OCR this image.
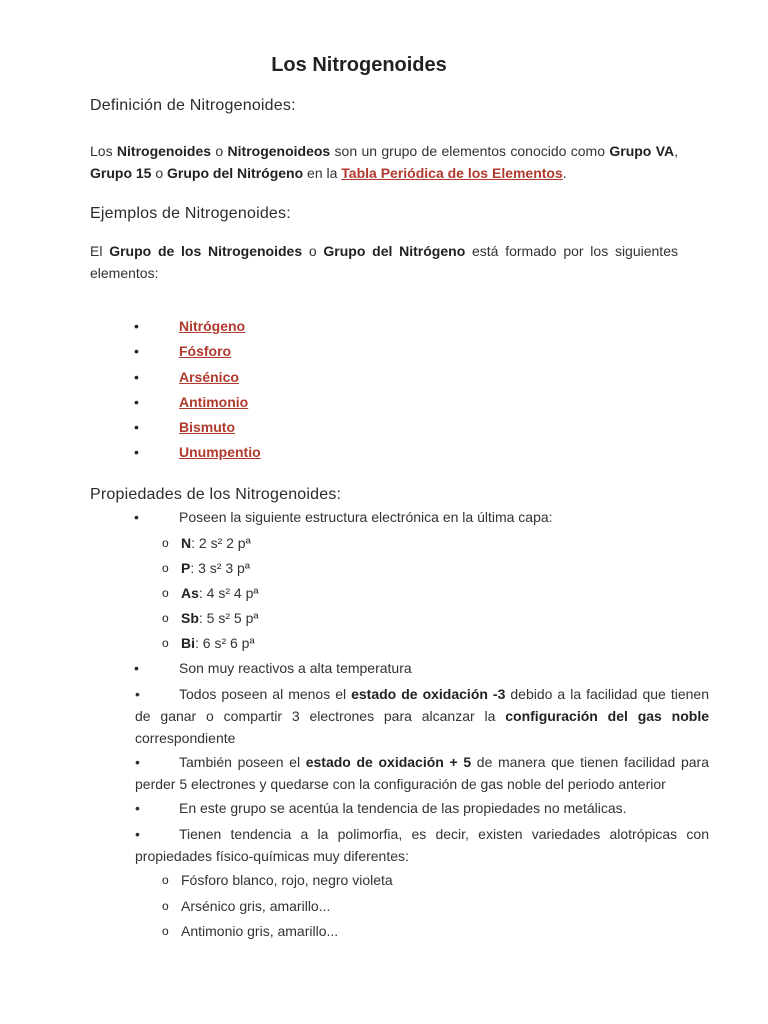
Los Nitrogenoides
Definición de Nitrogenoides:
Los Nitrogenoides o Nitrogenoideos son un grupo de elementos conocido como Grupo VA, Grupo 15 o Grupo del Nitrógeno en la Tabla Periódica de los Elementos.
Ejemplos de Nitrogenoides:
El Grupo de los Nitrogenoides o Grupo del Nitrógeno está formado por los siguientes elementos:
•	Nitrógeno
•	Fósforo
•	Arsénico
•	Antimonio
•	Bismuto
•	Unumpentio
Propiedades de los Nitrogenoides:
•	Poseen la siguiente estructura electrónica en la última capa:
o N: 2 s² 2 pª
o P: 3 s² 3 pª
o As: 4 s² 4 pª
o Sb: 5 s² 5 pª
o Bi: 6 s² 6 pª
•	Son muy reactivos a alta temperatura
•	Todos poseen al menos el estado de oxidación -3 debido a la facilidad que tienen de ganar o compartir 3 electrones para alcanzar la configuración del gas noble correspondiente
•	También poseen el estado de oxidación + 5 de manera que tienen facilidad para perder 5 electrones y quedarse con la configuración de gas noble del periodo anterior
•	En este grupo se acentúa la tendencia de las propiedades no metálicas.
•	Tienen tendencia a la polimorfia, es decir, existen variedades alotrópicas con propiedades físico-químicas muy diferentes:
o Fósforo blanco, rojo, negro violeta
o Arsénico gris, amarillo...
o Antimonio gris, amarillo...
